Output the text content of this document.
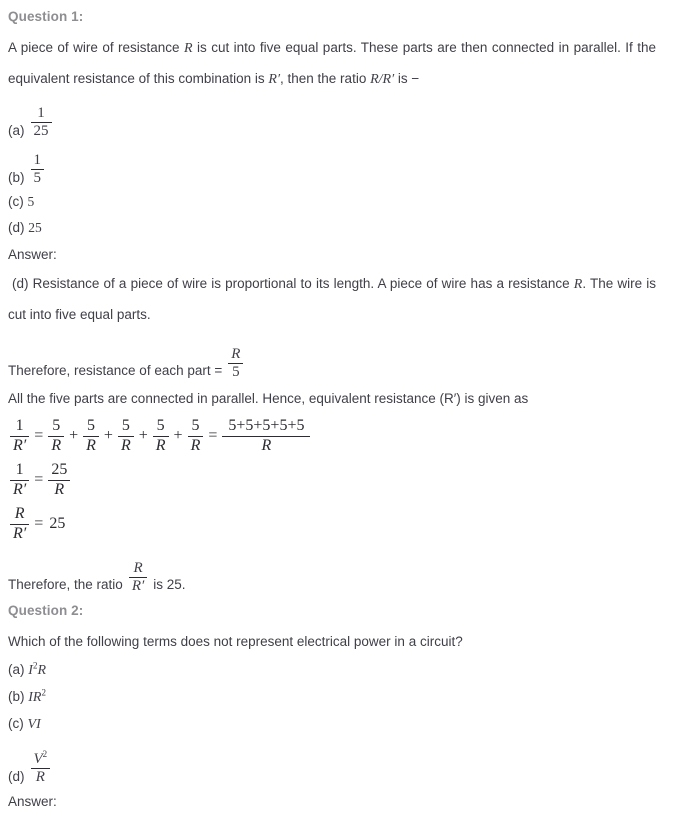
Question 1:

A piece of wire of resistance R is cut into five equal parts. These parts are then connected in parallel. If the equivalent resistance of this combination is R′, then the ratio R/R′ is −

$(a) \frac{1}{25}$
$(b) \frac{1}{5}$

(c) 5

(d) 25

Answer:

(d) Resistance of a piece of wire is proportional to its length. A piece of wire has a resistance R. The wire is cut into five equal parts.

Therefore, resistance of each part = $\frac{R}{5}$

All the five parts are connected in parallel. Hence, equivalent resistance (R′) is given as

$\frac{1}{R'} = \frac{5}{R} + \frac{5}{R} + \frac{5}{R} + \frac{5}{R} + \frac{5}{R} = \frac{5+5+5+5+5}{R}$
$\frac{1}{R'} = \frac{25}{R}$
$\frac{R}{R'} = 25$
Therefore, the ratio $\frac{R}{R'}$ is 25.
Question 2:

Which of the following terms does not represent electrical power in a circuit?

(a) $I^2R$

(b) $IR^2$

(c) VI

$(d) \frac{V^2}{R}$

Answer:
